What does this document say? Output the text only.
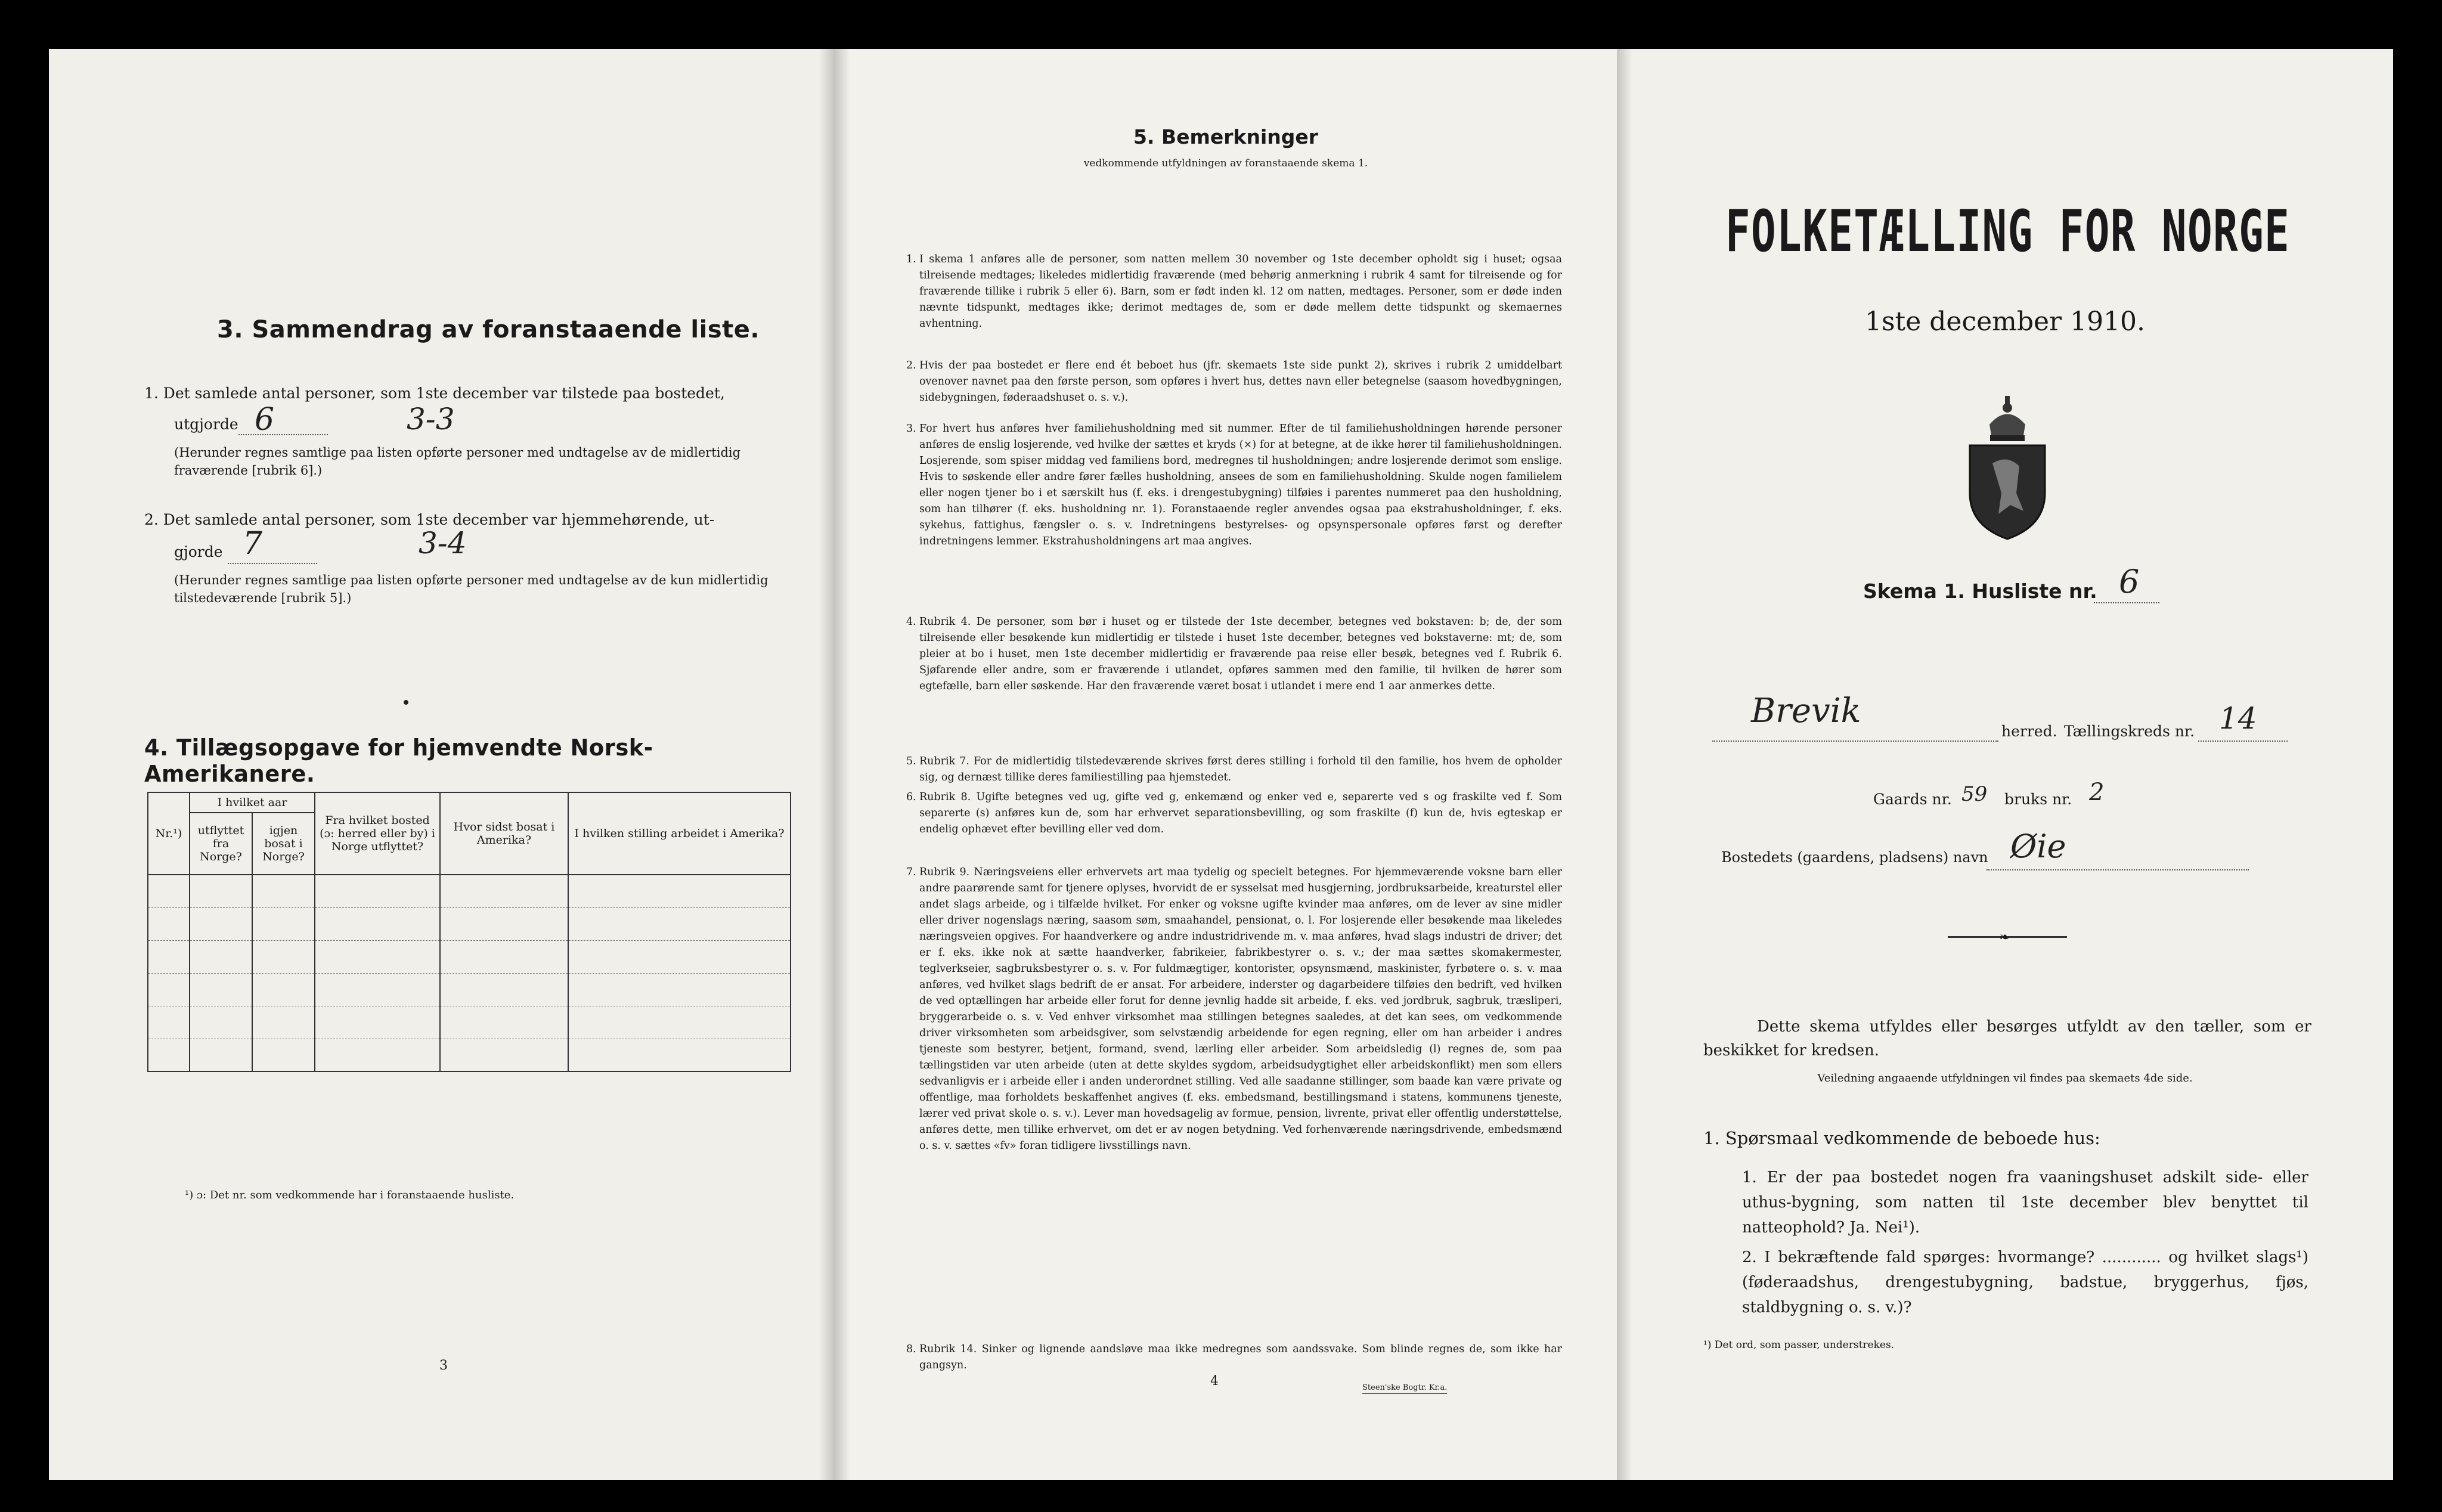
3. Sammendrag av foranstaaende liste.
1. Det samlede antal personer, som 1ste december var tilstede paa bostedet,
utgjorde 6	3-3
(Herunder regnes samtlige paa listen opførte personer med undtagelse av de midlertidig fraværende [rubrik 6].)
2. Det samlede antal personer, som 1ste december var hjemmehørende, ut-
gjorde 7	3-4
(Herunder regnes samtlige paa listen opførte personer med undtagelse av de kun midlertidig tilstedeværende [rubrik 5].)
4. Tillægsopgave for hjemvendte Norsk-Amerikanere.
Nr.¹)	I hvilket aar		Fra hvilket bosted (ɔ: herred eller by) i Norge utflyttet?	Hvor sidst bosat i Amerika?	I hvilken stilling arbeidet i Amerika?
	utflyttet fra Norge?	igjen bosat i Norge?			

¹) ɔ: Det nr. som vedkommende har i foranstaaende husliste.
3
5. Bemerkninger
vedkommende utfyldningen av foranstaaende skema 1.
1. I skema 1 anføres alle de personer, som natten mellem 30 november og 1ste december opholdt sig i huset; ogsaa tilreisende medtages; likeledes midlertidig fraværende (med behørig anmerkning i rubrik 4 samt for tilreisende og for fraværende tillike i rubrik 5 eller 6). Barn, som er født inden kl. 12 om natten, medtages. Personer, som er døde inden nævnte tidspunkt, medtages ikke; derimot medtages de, som er døde mellem dette tidspunkt og skemaernes avhentning.
2. Hvis der paa bostedet er flere end ét beboet hus (jfr. skemaets 1ste side punkt 2), skrives i rubrik 2 umiddelbart ovenover navnet paa den første person, som opføres i hvert hus, dettes navn eller betegnelse (saasom hovedbygningen, sidebygningen, føderaadshuset o. s. v.).
3. For hvert hus anføres hver familiehusholdning med sit nummer. Efter de til familiehusholdningen hørende personer anføres de enslig losjerende, ved hvilke der sættes et kryds (×) for at betegne, at de ikke hører til familiehusholdningen. Losjerende, som spiser middag ved familiens bord, medregnes til husholdningen; andre losjerende derimot som enslige. Hvis to søskende eller andre fører fælles husholdning, ansees de som en familiehusholdning. Skulde nogen familielem eller nogen tjener bo i et særskilt hus (f. eks. i drengestubygning) tilføies i parentes nummeret paa den husholdning, som han tilhører (f. eks. husholdning nr. 1). Foranstaaende regler anvendes ogsaa paa ekstrahusholdninger, f. eks. sykehus, fattighus, fængsler o. s. v. Indretningens bestyrelses- og opsynspersonale opføres først og derefter indretningens lemmer. Ekstrahusholdningens art maa angives.
4. Rubrik 4. De personer, som bør i huset og er tilstede der 1ste december, betegnes ved bokstaven: b; de, der som tilreisende eller besøkende kun midlertidig er tilstede i huset 1ste december, betegnes ved bokstaverne: mt; de, som pleier at bo i huset, men 1ste december midlertidig er fraværende paa reise eller besøk, betegnes ved f. Rubrik 6. Sjøfarende eller andre, som er fraværende i utlandet, opføres sammen med den familie, til hvilken de hører som egtefælle, barn eller søskende. Har den fraværende været bosat i utlandet i mere end 1 aar anmerkes dette.
5. Rubrik 7. For de midlertidig tilstedeværende skrives først deres stilling i forhold til den familie, hos hvem de opholder sig, og dernæst tillike deres familiestilling paa hjemstedet.
6. Rubrik 8. Ugifte betegnes ved ug, gifte ved g, enkemænd og enker ved e, separerte ved s og fraskilte ved f. Som separerte (s) anføres kun de, som har erhvervet separationsbevilling, og som fraskilte (f) kun de, hvis egteskap er endelig ophævet efter bevilling eller ved dom.
7. Rubrik 9. Næringsveiens eller erhvervets art maa tydelig og specielt betegnes. For hjemmeværende voksne barn eller andre paarørende samt for tjenere oplyses, hvorvidt de er sysselsat med husgjerning, jordbruksarbeide, kreaturstel eller andet slags arbeide, og i tilfælde hvilket. For enker og voksne ugifte kvinder maa anføres, om de lever av sine midler eller driver nogenslags næring, saasom søm, smaahandel, pensionat, o. l. For losjerende eller besøkende maa likeledes næringsveien opgives. For haandverkere og andre industridrivende m. v. maa anføres, hvad slags industri de driver; det er f. eks. ikke nok at sætte haandverker, fabrikeier, fabrikbestyrer o. s. v.; der maa sættes skomakermester, teglverkseier, sagbruksbestyrer o. s. v. For fuldmægtiger, kontorister, opsynsmænd, maskinister, fyrbøtere o. s. v. maa anføres, ved hvilket slags bedrift de er ansat. For arbeidere, inderster og dagarbeidere tilføies den bedrift, ved hvilken de ved optællingen har arbeide eller forut for denne jevnlig hadde sit arbeide, f. eks. ved jordbruk, sagbruk, træsliperi, bryggerarbeide o. s. v. Ved enhver virksomhet maa stillingen betegnes saaledes, at det kan sees, om vedkommende driver virksomheten som arbeidsgiver, som selvstændig arbeidende for egen regning, eller om han arbeider i andres tjeneste som bestyrer, betjent, formand, svend, lærling eller arbeider. Som arbeidsledig (l) regnes de, som paa tællingstiden var uten arbeide (uten at dette skyldes sygdom, arbeidsudygtighet eller arbeidskonflikt) men som ellers sedvanligvis er i arbeide eller i anden underordnet stilling. Ved alle saadanne stillinger, som baade kan være private og offentlige, maa forholdets beskaffenhet angives (f. eks. embedsmand, bestillingsmand i statens, kommunens tjeneste, lærer ved privat skole o. s. v.). Lever man hovedsagelig av formue, pension, livrente, privat eller offentlig understøttelse, anføres dette, men tillike erhvervet, om det er av nogen betydning. Ved forhenværende næringsdrivende, embedsmænd o. s. v. sættes «fv» foran tidligere livsstillings navn.
8. Rubrik 14. Sinker og lignende aandsløve maa ikke medregnes som aandssvake. Som blinde regnes de, som ikke har gangsyn.
4	Steen'ske Bogtr. Kr.a.
FOLKETÆLLING FOR NORGE
1ste december 1910.
Skema 1. Husliste nr. 6
Brevik
herred. Tællingskreds nr. 14
Gaards nr. 59 bruks nr. 2
Bostedets (gaardens, pladsens) navn Øie
❧
Dette skema utfyldes eller besørges utfyldt av den tæller, som er beskikket for kredsen.
Veiledning angaaende utfyldningen vil findes paa skemaets 4de side.
1. Spørsmaal vedkommende de beboede hus:
1. Er der paa bostedet nogen fra vaaningshuset adskilt side- eller uthus-bygning, som natten til 1ste december blev benyttet til natteophold? Ja. Nei¹).
2. I bekræftende fald spørges: hvormange? ............ og hvilket slags¹) (føderaadshus, drengestubygning, badstue, bryggerhus, fjøs, staldbygning o. s. v.)?
¹) Det ord, som passer, understrekes.
